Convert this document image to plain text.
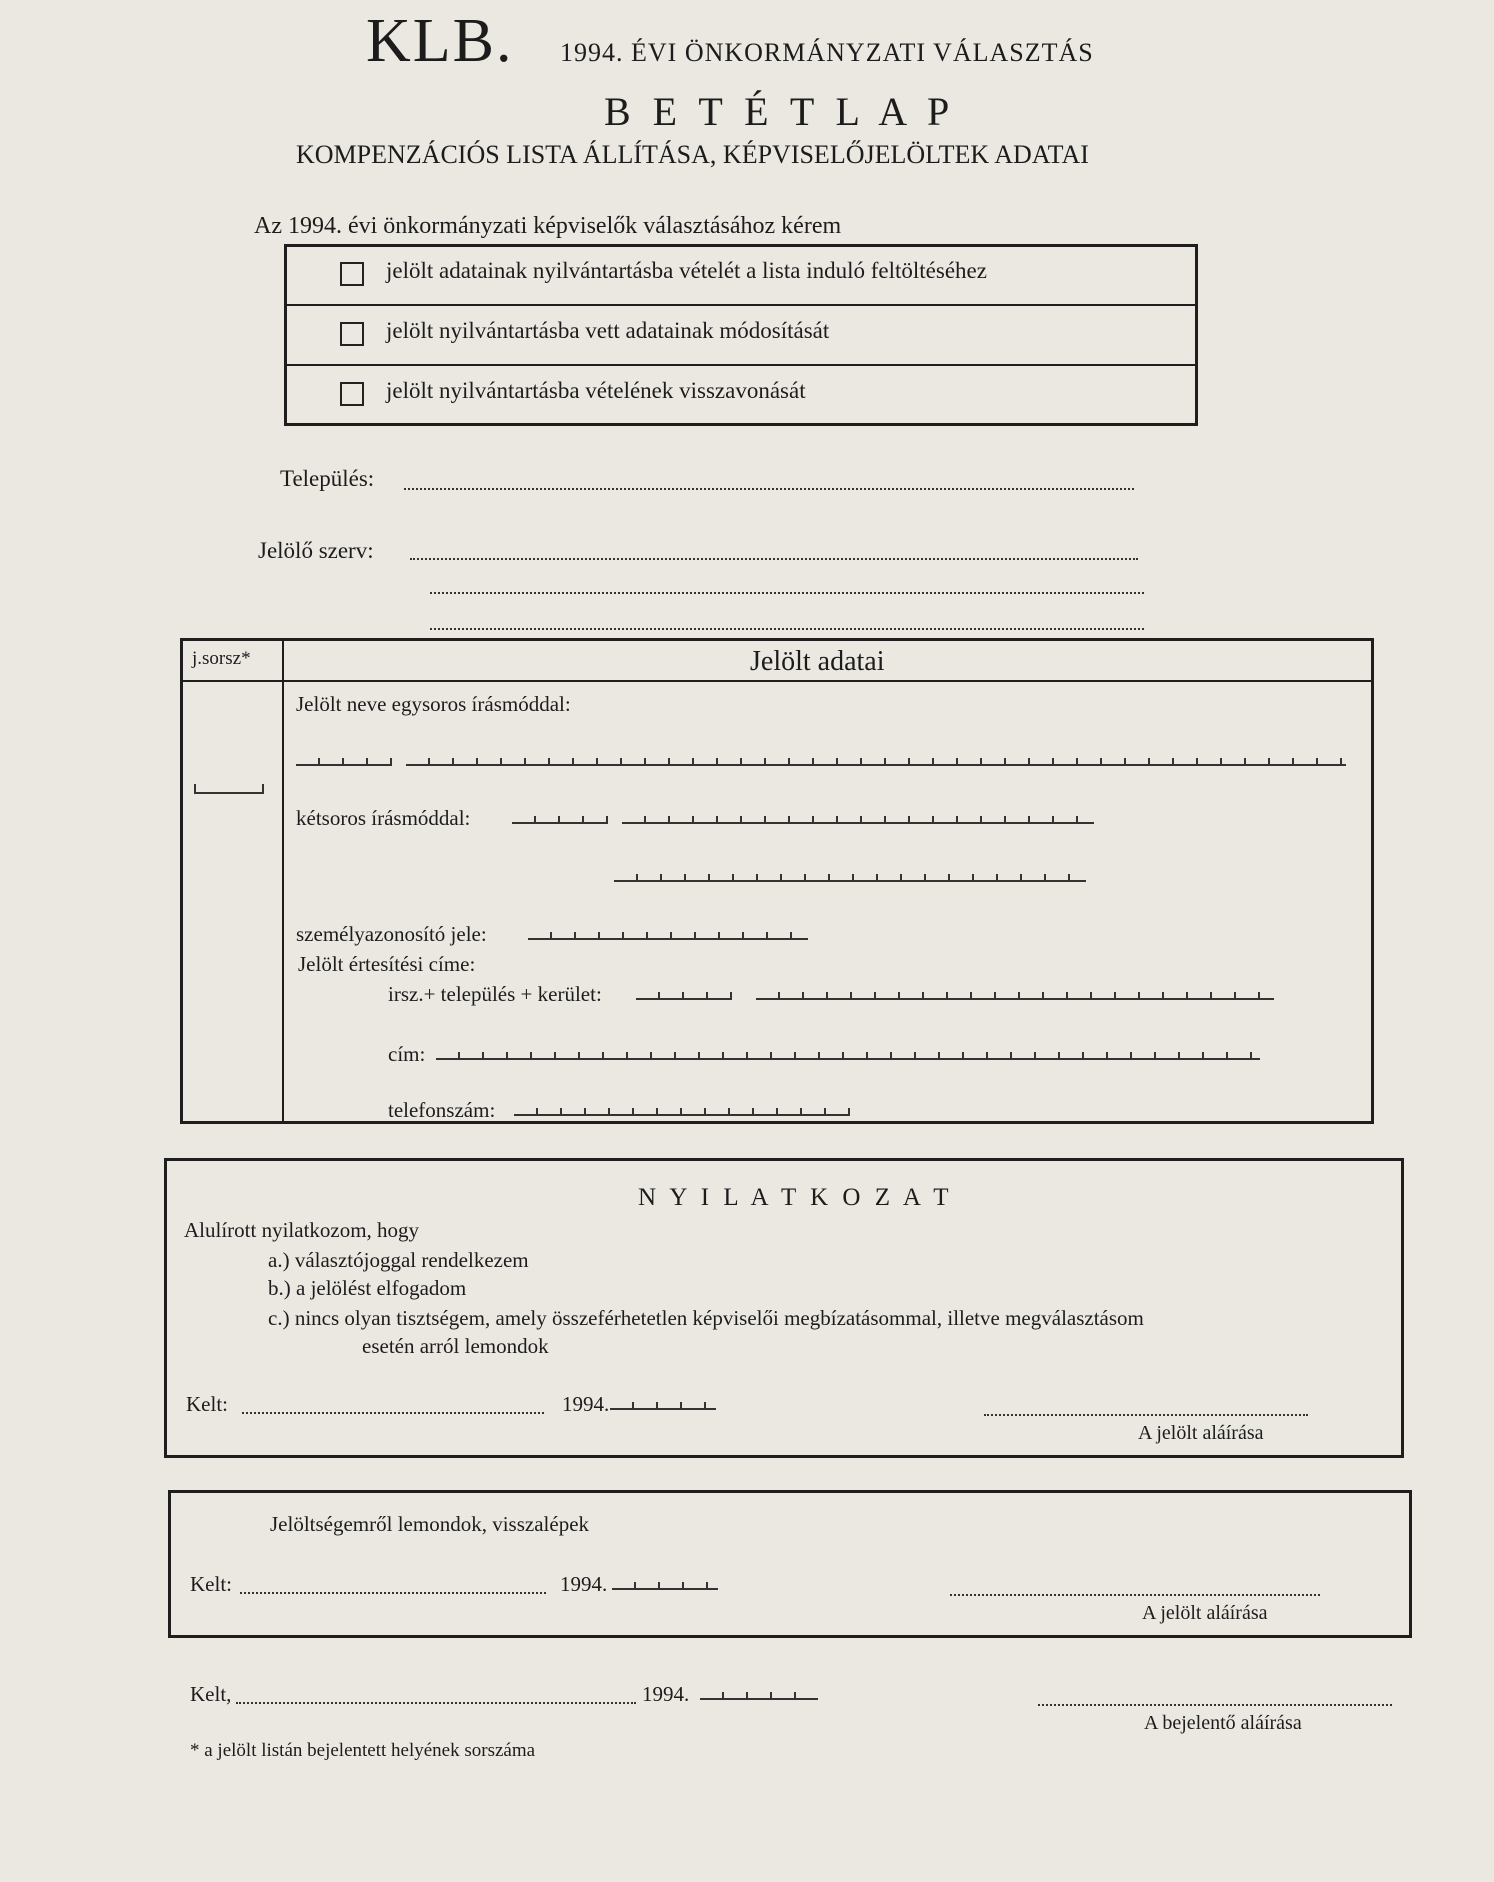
KLB. 1994. ÉVI ÖNKORMÁNYZATI VÁLASZTÁS
B E T É T L A P
KOMPENZÁCIÓS LISTA ÁLLÍTÁSA, KÉPVISELŐJELÖLTEK ADATAI
Az 1994. évi önkormányzati képviselők választásához kérem
jelölt adatainak nyilvántartásba vételét a lista induló feltöltéséhez
jelölt nyilvántartásba vett adatainak módosítását
jelölt nyilvántartásba vételének visszavonását
Település:
Jelölő szerv:
j.sorsz*	Jelölt adatai
Jelölt neve egysoros írásmóddal:
kétsoros írásmóddal:
személyazonosító jele:
Jelölt értesítési címe:
irsz.+ település + kerület:
cím:
telefonszám:
N Y I L A T K O Z A T
Alulírott nyilatkozom, hogy
a.) választójoggal rendelkezem
b.) a jelölést elfogadom
c.) nincs olyan tisztségem, amely összeférhetetlen képviselői megbízatásommal, illetve megválasztásom
esetén arról lemondok
Kelt:	1994.
A jelölt aláírása
Jelöltségemről lemondok, visszalépek
Kelt:	1994.
A jelölt aláírása
Kelt,	1994.
A bejelentő aláírása
* a jelölt listán bejelentett helyének sorszáma
